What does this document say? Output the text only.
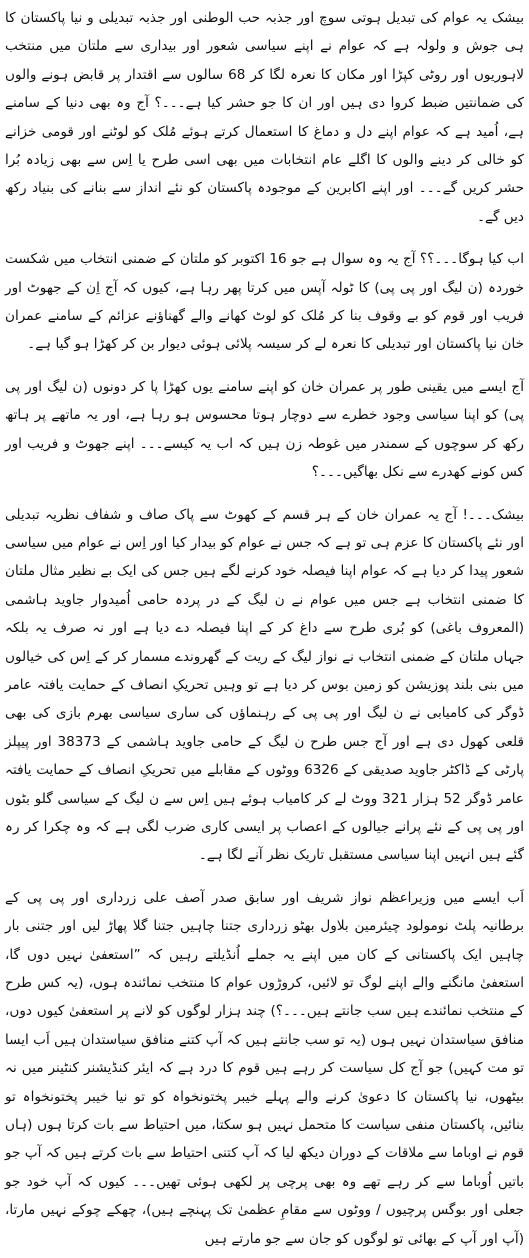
بیشک یہ عوام کی تبدیل ہوتی سوچ اور جذبہ حب الوطنی اور جذبہ تبدیلی و نیا پاکستان کا ہی جوش و ولولہ ہے کہ عوام نے اپنے سیاسی شعور اور بیداری سے ملتان میں منتخب لاہوریوں اور روٹی کپڑا اور مکان کا نعرہ لگا کر 68 سالوں سے اقتدار پر قابض ہونے والوں کی ضمانتیں ضبط کروا دی ہیں اور ان کا جو حشر کیا ہے۔۔۔؟ آج وہ بھی دنیا کے سامنے ہے، اُمید ہے کہ عوام اپنے دل و دماغ کا استعمال کرتے ہوئے مُلک کو لوٹنے اور قومی خزانے کو خالی کر دینے والوں کا اگلے عام انتخابات میں بھی اسی طرح یا اِس سے بھی زیادہ بُرا حشر کریں گے۔۔۔ اور اپنے اکابرین کے موجودہ پاکستان کو نئے انداز سے بنانے کی بنیاد رکھ دیں گے۔

اب کیا ہوگا۔۔۔؟؟ آج یہ وہ سوال ہے جو 16 اکتوبر کو ملتان کے ضمنی انتخاب میں شکست خوردہ (ن لیگ اور پی پی) کا ٹولہ آپس میں کرتا پھر رہا ہے، کیوں کہ آج اِن کے جھوٹ اور فریب اور قوم کو بے وقوف بنا کر مُلک کو لوٹ کھانے والے گھناؤنے عزائم کے سامنے عمران خان نیا پاکستان اور تبدیلی کا نعرہ لے کر سیسہ پلائی ہوئی دیوار بن کر کھڑا ہو گیا ہے۔

آج ایسے میں یقینی طور پر عمران خان کو اپنے سامنے یوں کھڑا پا کر دونوں (ن لیگ اور پی پی) کو اپنا سیاسی وجود خطرے سے دوچار ہوتا محسوس ہو رہا ہے، اور یہ ماتھے پر ہاتھ رکھ کر سوچوں کے سمندر میں غوطہ زن ہیں کہ اب یہ کیسے۔۔۔ اپنے جھوٹ و فریب اور کس کونے کھدرے سے نکل بھاگیں۔۔۔؟

بیشک۔۔۔! آج یہ عمران خان کے ہر قسم کے کھوٹ سے پاک صاف و شفاف نظریہ تبدیلی اور نئے پاکستان کا عزم ہی تو ہے کہ جس نے عوام کو بیدار کیا اور اِس نے عوام میں سیاسی شعور پیدا کر دیا ہے کہ عوام اپنا فیصلہ خود کرنے لگے ہیں جس کی ایک بے نظیر مثال ملتان کا ضمنی انتخاب ہے جس میں عوام نے ن لیگ کے در پردہ حامی اُمیدوار جاوید ہاشمی (المعروف باغی) کو بُری طرح سے داغ کر کے اپنا فیصلہ دے دیا ہے اور نہ صرف یہ بلکہ جہاں ملتان کے ضمنی انتخاب نے نواز لیگ کے ریت کے گھروندے مسمار کر کے اِس کی خیالوں میں بنی بلند پوزیشن کو زمین بوس کر دیا ہے تو وہیں تحریکِ انصاف کے حمایت یافتہ عامر ڈوگر کی کامیابی نے ن لیگ اور پی پی کے رہنماؤں کی ساری سیاسی بھرم بازی کی بھی قلعی کھول دی ہے اور آج جس طرح ن لیگ کے حامی جاوید ہاشمی کے 38373 اور پیپلز پارٹی کے ڈاکٹر جاوید صدیقی کے 6326 ووٹوں کے مقابلے میں تحریکِ انصاف کے حمایت یافتہ عامر ڈوگر 52 ہزار 321 ووٹ لے کر کامیاب ہوئے ہیں اِس سے ن لیگ کے سیاسی گلو بٹوں اور پی پی کے نئے پرانے جیالوں کے اعصاب پر ایسی کاری ضرب لگی ہے کہ وہ چکرا کر رہ گئے ہیں انہیں اپنا سیاسی مستقبل تاریک نظر آنے لگا ہے۔

اَب ایسے میں وزیراعظم نواز شریف اور سابق صدر آصف علی زرداری اور پی پی کے برطانیہ پلٹ نومولود چیئرمین بلاول بھٹو زرداری جتنا چاہیں جتنا گلا پھاڑ لیں اور جتنی بار چاہیں ایک پاکستانی کے کان میں اپنے یہ جملے اُنڈیلتے رہیں کہ ”استعفیٰ نہیں دوں گا، استعفیٰ مانگنے والے اپنے لوگ تو لائیں، کروڑوں عوام کا منتخب نمائندہ ہوں، (یہ کس طرح کے منتخب نمائندے ہیں سب جانتے ہیں۔۔۔؟) چند ہزار لوگوں کو لانے پر استعفیٰ کیوں دوں، منافق سیاستدان نہیں ہوں (یہ تو سب جانتے ہیں کہ آپ کتنے منافق سیاستدان ہیں اَب ایسا تو مت کہیں) جو آج کل سیاست کر رہے ہیں قوم کا درد ہے کہ ایئر کنڈیشنر کنٹینر میں نہ بیٹھوں، نیا پاکستان کا دعویٰ کرنے والے پہلے خیبر پختونخواہ کو تو نیا خیبر پختونخواہ تو بنائیں، پاکستان منفی سیاست کا متحمل نہیں ہو سکتا، میں احتیاط سے بات کرتا ہوں (ہاں قوم نے اوباما سے ملاقات کے دوران دیکھ لیا کہ آپ کتنی احتیاط سے بات کرتے ہیں کہ آپ جو باتیں اُوباما سے کر رہے تھے وہ بھی پرچی پر لکھی ہوئی تھیں۔۔۔ کیوں کہ آپ خود جو جعلی اور بوگس پرچیوں / ووٹوں سے مقامِ عظمیٰ تک پہنچے ہیں)، چھکے چوکے نہیں مارتا، (آپ اور آپ کے بھائی تو لوگوں کو جان سے جو مارتے ہیں
